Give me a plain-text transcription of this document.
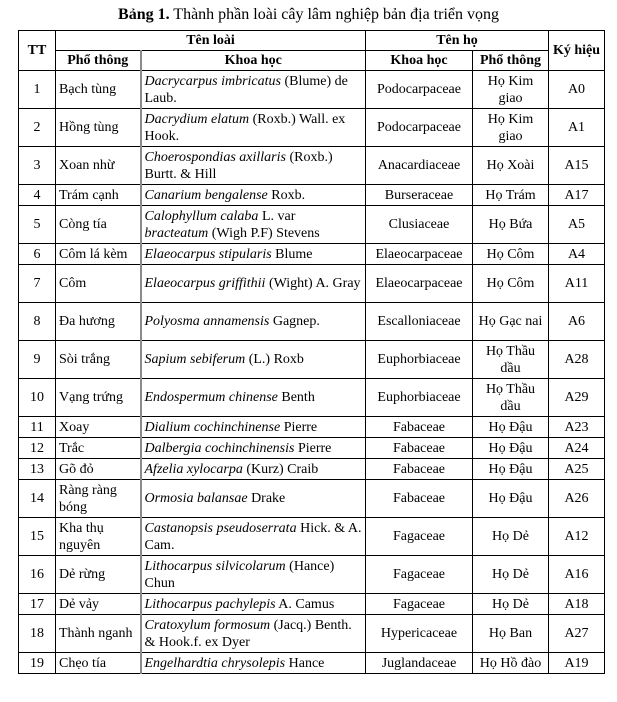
Bảng 1. Thành phần loài cây lâm nghiệp bản địa triển vọng
TT	Tên loài		Tên họ		Ký hiệu
	Phổ thông	Khoa học	Khoa học	Phổ thông	
1	Bạch tùng	Dacrycarpus imbricatus (Blume) de Laub.	Podocarpaceae	Họ Kim giao	A0
2	Hồng tùng	Dacrydium elatum (Roxb.) Wall. ex Hook.	Podocarpaceae	Họ Kim giao	A1
3	Xoan nhừ	Choerospondias axillaris (Roxb.) Burtt. & Hill	Anacardiaceae	Họ Xoài	A15
4	Trám cạnh	Canarium bengalense Roxb.	Burseraceae	Họ Trám	A17
5	Còng tía	Calophyllum calaba L. var bracteatum (Wigh P.F) Stevens	Clusiaceae	Họ Bứa	A5
6	Côm lá kèm	Elaeocarpus stipularis Blume	Elaeocarpaceae	Họ Côm	A4
7	Côm	Elaeocarpus griffithii (Wight) A. Gray	Elaeocarpaceae	Họ Côm	A11
8	Đa hương	Polyosma annamensis Gagnep.	Escalloniaceae	Họ Gạc nai	A6
9	Sòi trắng	Sapium sebiferum (L.) Roxb	Euphorbiaceae	Họ Thầu dầu	A28
10	Vạng trứng	Endospermum chinense Benth	Euphorbiaceae	Họ Thầu dầu	A29
11	Xoay	Dialium cochinchinense Pierre	Fabaceae	Họ Đậu	A23
12	Trắc	Dalbergia cochinchinensis Pierre	Fabaceae	Họ Đậu	A24
13	Gõ đỏ	Afzelia xylocarpa (Kurz) Craib	Fabaceae	Họ Đậu	A25
14	Ràng ràng bóng	Ormosia balansae Drake	Fabaceae	Họ Đậu	A26
15	Kha thụ nguyên	Castanopsis pseudoserrata Hick. & A. Cam.	Fagaceae	Họ Dẻ	A12
16	Dẻ rừng	Lithocarpus silvicolarum (Hance) Chun	Fagaceae	Họ Dẻ	A16
17	Dẻ vảy	Lithocarpus pachylepis A. Camus	Fagaceae	Họ Dẻ	A18
18	Thành nganh	Cratoxylum formosum (Jacq.) Benth. & Hook.f. ex Dyer	Hypericaceae	Họ Ban	A27
19	Chẹo tía	Engelhardtia chrysolepis Hance	Juglandaceae	Họ Hồ đào	A19
